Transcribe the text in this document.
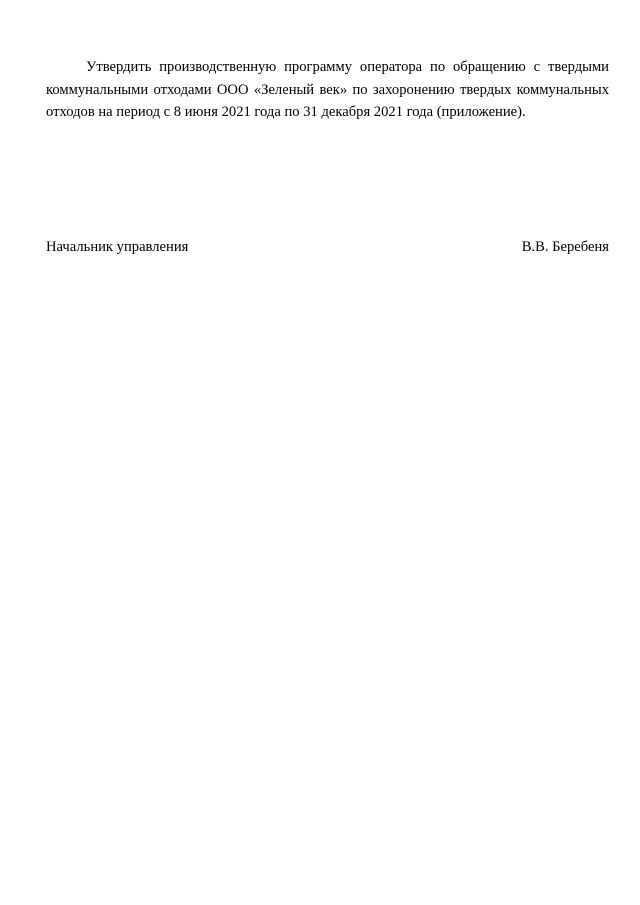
Утвердить производственную программу оператора по обращению с твердыми коммунальными отходами ООО «Зеленый век» по захоронению твердых коммунальных отходов на период с 8 июня 2021 года по 31 декабря 2021 года (приложение).

Начальник управления	В.В. Беребеня
